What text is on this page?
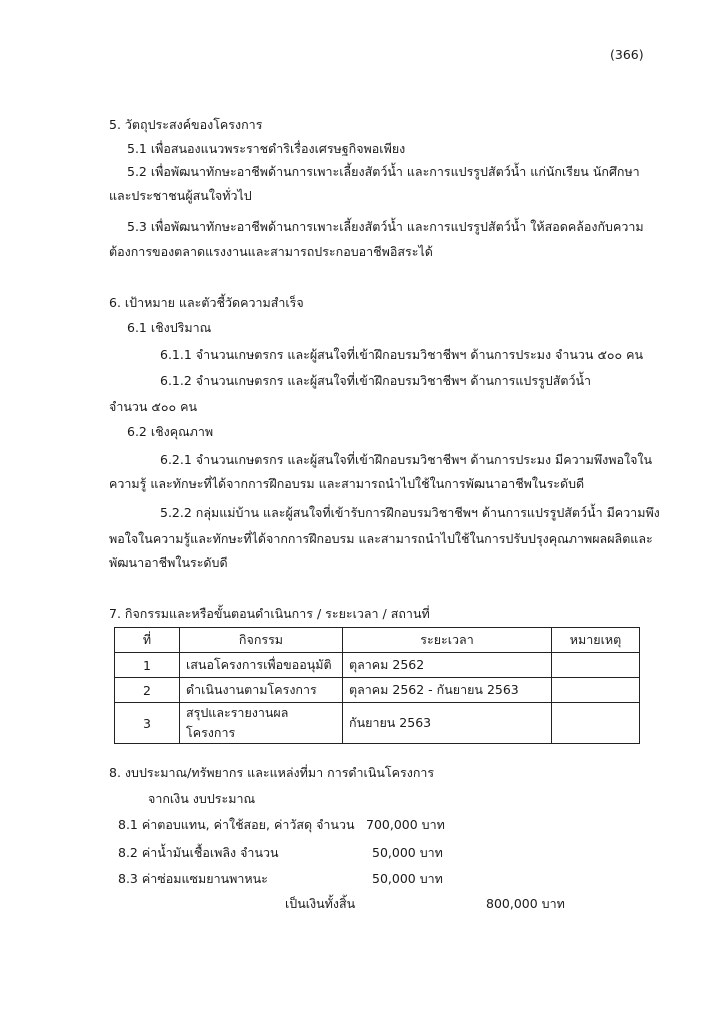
(366)
5. วัตถุประสงค์ของโครงการ
5.1 เพื่อสนองแนวพระราชดำริเรื่องเศรษฐกิจพอเพียง
5.2 เพื่อพัฒนาทักษะอาชีพด้านการเพาะเลี้ยงสัตว์น้ำ และการแปรรูปสัตว์น้ำ แก่นักเรียน นักศึกษา
และประชาชนผู้สนใจทั่วไป
5.3 เพื่อพัฒนาทักษะอาชีพด้านการเพาะเลี้ยงสัตว์น้ำ และการแปรรูปสัตว์น้ำ ให้สอดคล้องกับความ
ต้องการของตลาดแรงงานและสามารถประกอบอาชีพอิสระได้
6. เป้าหมาย และตัวชี้วัดความสำเร็จ
6.1 เชิงปริมาณ
6.1.1 จำนวนเกษตรกร และผู้สนใจที่เข้าฝึกอบรมวิชาชีพฯ ด้านการประมง จำนวน ๕๐๐ คน
6.1.2 จำนวนเกษตรกร และผู้สนใจที่เข้าฝึกอบรมวิชาชีพฯ ด้านการแปรรูปสัตว์น้ำ
จำนวน ๕๐๐ คน
6.2 เชิงคุณภาพ
6.2.1 จำนวนเกษตรกร และผู้สนใจที่เข้าฝึกอบรมวิชาชีพฯ ด้านการประมง มีความพึงพอใจใน
ความรู้ และทักษะที่ได้จากการฝึกอบรม และสามารถนำไปใช้ในการพัฒนาอาชีพในระดับดี
5.2.2 กลุ่มแม่บ้าน และผู้สนใจที่เข้ารับการฝึกอบรมวิชาชีพฯ ด้านการแปรรูปสัตว์น้ำ มีความพึง
พอใจในความรู้และทักษะที่ได้จากการฝึกอบรม และสามารถนำไปใช้ในการปรับปรุงคุณภาพผลผลิตและ
พัฒนาอาชีพในระดับดี
7. กิจกรรมและหรือขั้นตอนดำเนินการ / ระยะเวลา / สถานที่
ที่	กิจกรรม	ระยะเวลา	หมายเหตุ
1	เสนอโครงการเพื่อขออนุมัติ	ตุลาคม 2562	
2	ดำเนินงานตามโครงการ	ตุลาคม 2562 - กันยายน 2563	
3	สรุปและรายงานผลโครงการ	กันยายน 2563	
8. งบประมาณ/ทรัพยากร และแหล่งที่มา การดำเนินโครงการ
จากเงิน งบประมาณ
8.1 ค่าตอบแทน, ค่าใช้สอย, ค่าวัสดุ จำนวน 700,000 บาท
8.2 ค่าน้ำมันเชื้อเพลิง จำนวน	50,000 บาท
8.3 ค่าซ่อมแซมยานพาหนะ	50,000 บาท
เป็นเงินทั้งสิ้น	800,000 บาท
